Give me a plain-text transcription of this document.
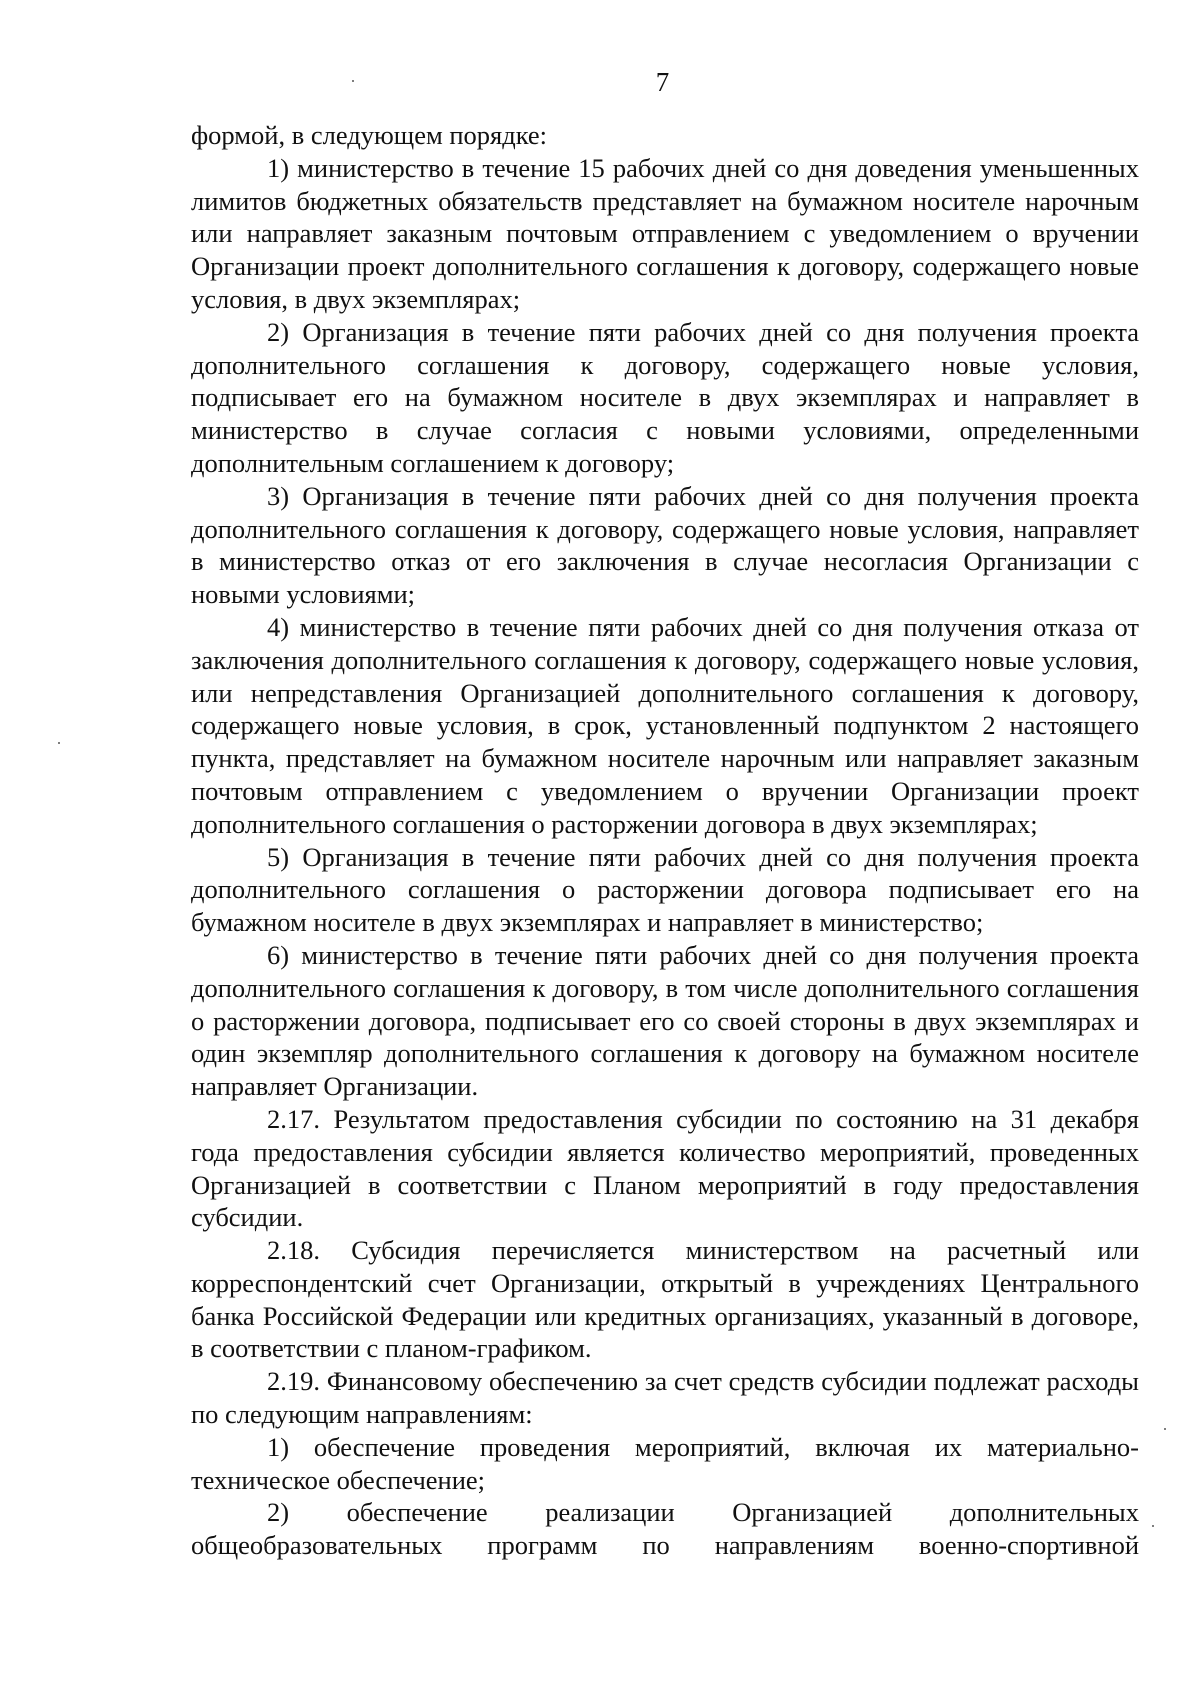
7

формой, в следующем порядке:

1) министерство в течение 15 рабочих дней со дня доведения уменьшенных лимитов бюджетных обязательств представляет на бумажном носителе нарочным или направляет заказным почтовым отправлением с уведомлением о вручении Организации проект дополнительного соглашения к договору, содержащего новые условия, в двух экземплярах;

2) Организация в течение пяти рабочих дней со дня получения проекта дополнительного соглашения к договору, содержащего новые условия, подписывает его на бумажном носителе в двух экземплярах и направляет в министерство в случае согласия с новыми условиями, определенными дополнительным соглашением к договору;

3) Организация в течение пяти рабочих дней со дня получения проекта дополнительного соглашения к договору, содержащего новые условия, направляет в министерство отказ от его заключения в случае несогласия Организации с новыми условиями;

4) министерство в течение пяти рабочих дней со дня получения отказа от заключения дополнительного соглашения к договору, содержащего новые условия, или непредставления Организацией дополнительного соглашения к договору, содержащего новые условия, в срок, установленный подпунктом 2 настоящего пункта, представляет на бумажном носителе нарочным или направляет заказным почтовым отправлением с уведомлением о вручении Организации проект дополнительного соглашения о расторжении договора в двух экземплярах;

5) Организация в течение пяти рабочих дней со дня получения проекта дополнительного соглашения о расторжении договора подписывает его на бумажном носителе в двух экземплярах и направляет в министерство;

6) министерство в течение пяти рабочих дней со дня получения проекта дополнительного соглашения к договору, в том числе дополнительного соглашения о расторжении договора, подписывает его со своей стороны в двух экземплярах и один экземпляр дополнительного соглашения к договору на бумажном носителе направляет Организации.

2.17. Результатом предоставления субсидии по состоянию на 31 декабря года предоставления субсидии является количество мероприятий, проведенных Организацией в соответствии с Планом мероприятий в году предоставления субсидии.

2.18. Субсидия перечисляется министерством на расчетный или корреспондентский счет Организации, открытый в учреждениях Центрального банка Российской Федерации или кредитных организациях, указанный в договоре, в соответствии с планом-графиком.

2.19. Финансовому обеспечению за счет средств субсидии подлежат расходы по следующим направлениям:

1) обеспечение проведения мероприятий, включая их материально-техническое обеспечение;

2) обеспечение реализации Организацией дополнительных общеобразовательных программ по направлениям военно-спортивной
